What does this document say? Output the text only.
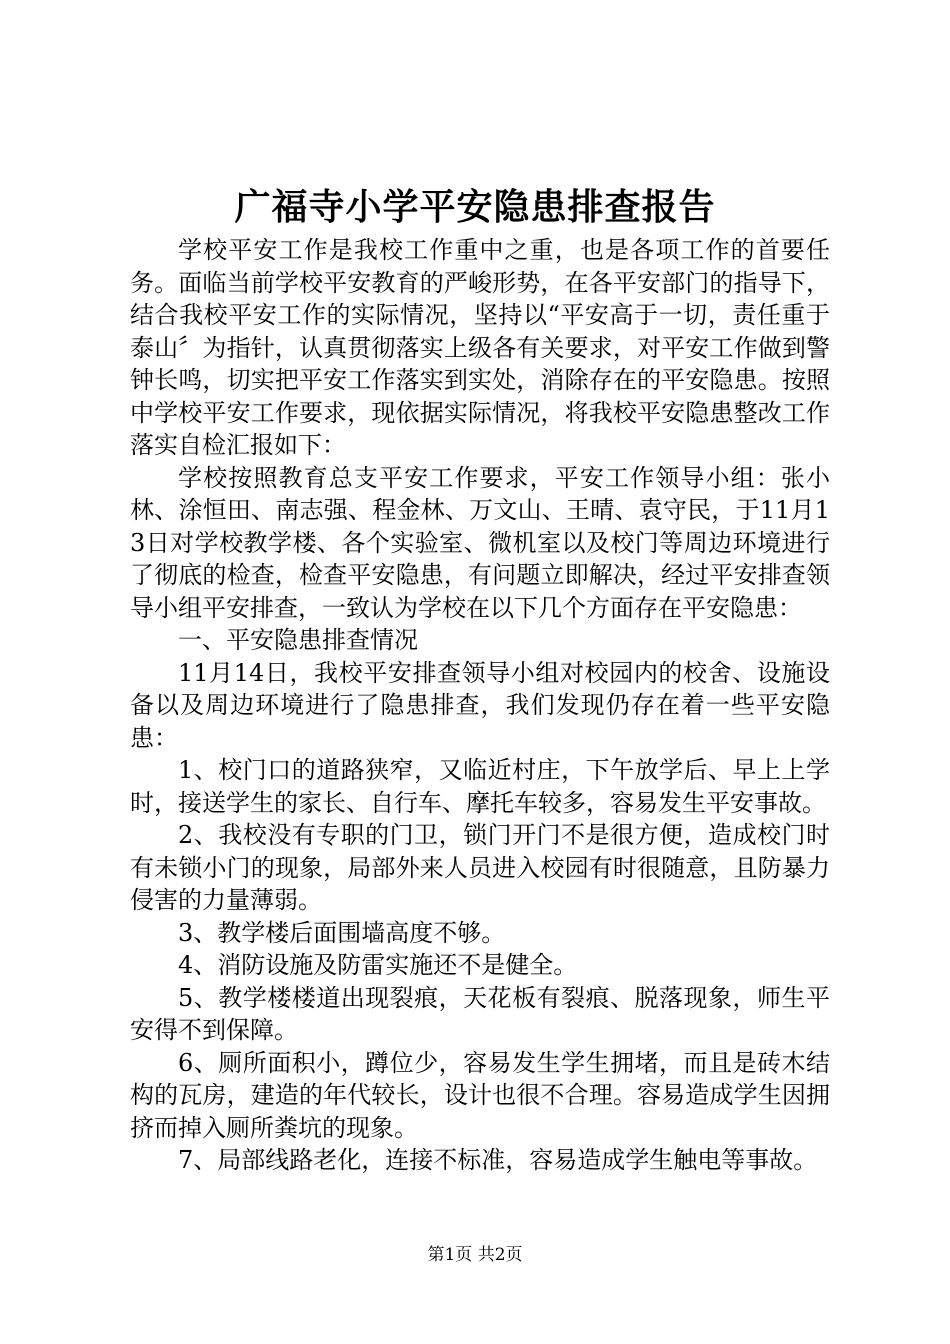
广福寺小学平安隐患排查报告

学校平安工作是我校工作重中之重，也是各项工作的首要任务。面临当前学校平安教育的严峻形势，在各平安部门的指导下，结合我校平安工作的实际情况，坚持以“平安高于一切，责任重于泰山〞为指针，认真贯彻落实上级各有关要求，对平安工作做到警钟长鸣，切实把平安工作落实到实处，消除存在的平安隐患。按照中学校平安工作要求，现依据实际情况，将我校平安隐患整改工作落实自检汇报如下：

学校按照教育总支平安工作要求，平安工作领导小组：张小林、涂恒田、南志强、程金林、万文山、王晴、袁守民，于11月13日对学校教学楼、各个实验室、微机室以及校门等周边环境进行了彻底的检查，检查平安隐患，有问题立即解决，经过平安排查领导小组平安排查，一致认为学校在以下几个方面存在平安隐患：

一、平安隐患排查情况

11月14日，我校平安排查领导小组对校园内的校舍、设施设备以及周边环境进行了隐患排查，我们发现仍存在着一些平安隐患：

1、校门口的道路狭窄，又临近村庄，下午放学后、早上上学时，接送学生的家长、自行车、摩托车较多，容易发生平安事故。

2、我校没有专职的门卫，锁门开门不是很方便，造成校门时有未锁小门的现象，局部外来人员进入校园有时很随意，且防暴力侵害的力量薄弱。

3、教学楼后面围墙高度不够。

4、消防设施及防雷实施还不是健全。

5、教学楼楼道出现裂痕，天花板有裂痕、脱落现象，师生平安得不到保障。

6、厕所面积小，蹲位少，容易发生学生拥堵，而且是砖木结构的瓦房，建造的年代较长，设计也很不合理。容易造成学生因拥挤而掉入厕所粪坑的现象。

7、局部线路老化，连接不标准，容易造成学生触电等事故。

第1页 共2页
